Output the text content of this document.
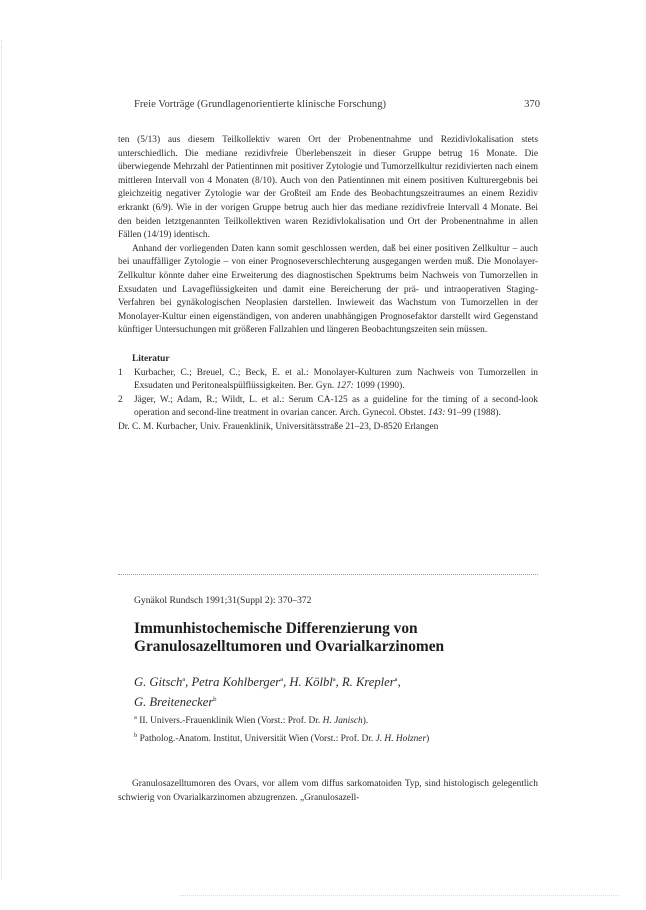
Freie Vorträge (Grundlagenorientierte klinische Forschung)	370

ten (5/13) aus diesem Teilkollektiv waren Ort der Probenentnahme und Rezidivlokalisation stets unterschiedlich. Die mediane rezidivfreie Überlebenszeit in dieser Gruppe betrug 16 Monate. Die überwiegende Mehrzahl der Patientinnen mit positiver Zytologie und Tumorzellkultur rezidivierten nach einem mittleren Intervall von 4 Monaten (8/10). Auch von den Patientinnen mit einem positiven Kulturergebnis bei gleichzeitig negativer Zytologie war der Großteil am Ende des Beobachtungszeitraumes an einem Rezidiv erkrankt (6/9). Wie in der vorigen Gruppe betrug auch hier das mediane rezidivfreie Intervall 4 Monate. Bei den beiden letztgenannten Teilkollektiven waren Rezidivlokalisation und Ort der Probenentnahme in allen Fällen (14/19) identisch.

Anhand der vorliegenden Daten kann somit geschlossen werden, daß bei einer positiven Zellkultur – auch bei unauffälliger Zytologie – von einer Prognoseverschlechterung ausgegangen werden muß. Die Monolayer-Zellkultur könnte daher eine Erweiterung des diagnostischen Spektrums beim Nachweis von Tumorzellen in Exsudaten und Lavageflüssigkeiten und damit eine Bereicherung der prä- und intraoperativen Staging-Verfahren bei gynäkologischen Neoplasien darstellen. Inwieweit das Wachstum von Tumorzellen in der Monolayer-Kultur einen eigenständigen, von anderen unabhängigen Prognosefaktor darstellt wird Gegenstand künftiger Untersuchungen mit größeren Fallzahlen und längeren Beobachtungszeiten sein müssen.

Literatur

1 Kurbacher, C.; Breuel, C.; Beck, E. et al.: Monolayer-Kulturen zum Nachweis von Tumorzellen in Exsudaten und Peritonealspülflüssigkeiten. Ber. Gyn. 127: 1099 (1990).

2 Jäger, W.; Adam, R.; Wildt, L. et al.: Serum CA-125 as a guideline for the timing of a second-look operation and second-line treatment in ovarian cancer. Arch. Gynecol. Obstet. 143: 91–99 (1988).

Dr. C. M. Kurbacher, Univ. Frauenklinik, Universitätsstraße 21–23, D-8520 Erlangen

Gynäkol Rundsch 1991;31(Suppl 2): 370–372
Immunhistochemische Differenzierung von
Granulosazelltumoren und Ovarialkarzinomen
G. Gitsch$^a$, Petra Kohlberger$^a$, H. Kölbl$^a$, R. Krepler$^a$,
G. Breitenecker$^b$
$^a$ II. Univers.-Frauenklinik Wien (Vorst.: Prof. Dr. H. Janisch).
$^b$ Patholog.-Anatom. Institut, Universität Wien (Vorst.: Prof. Dr. J. H. Holzner)

Granulosazelltumoren des Ovars, vor allem vom diffus sarkomatoiden Typ, sind histologisch gelegentlich schwierig von Ovarialkarzinomen abzugrenzen. „Granulosazell-
